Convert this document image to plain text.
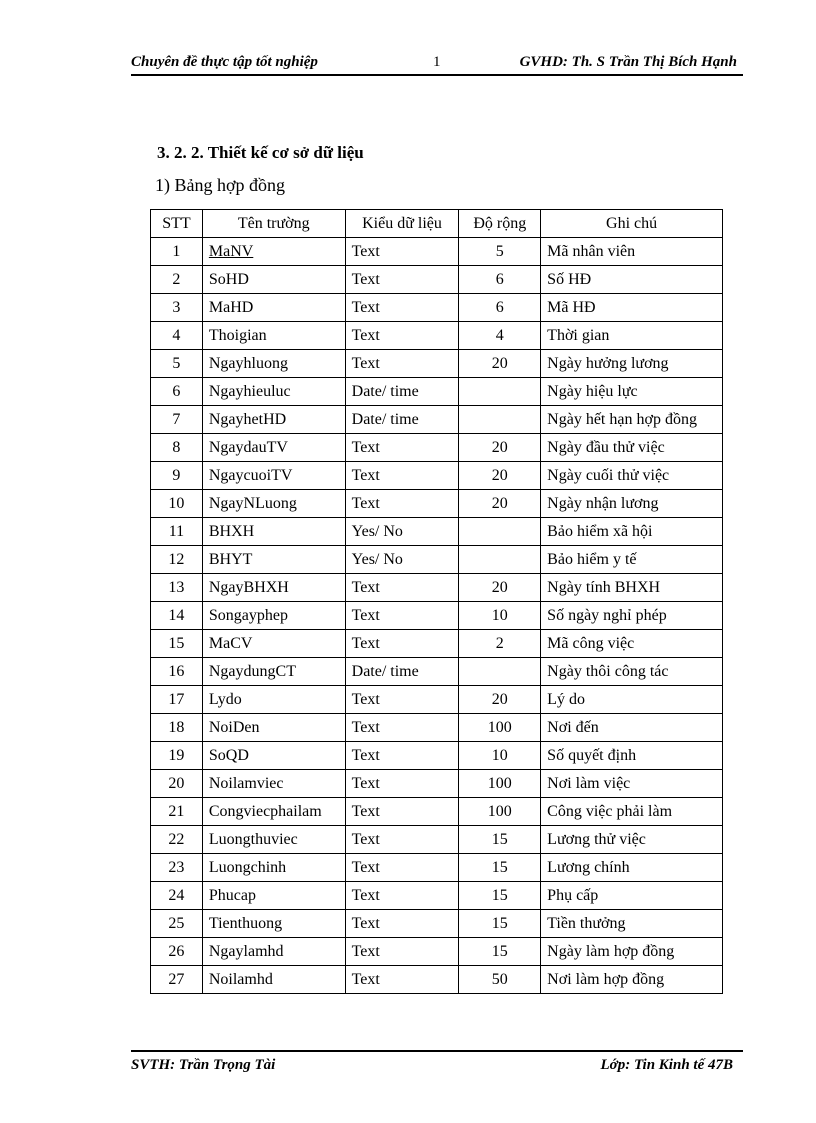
Chuyên đề thực tập tốt nghiệp	1	GVHD: Th. S Trần Thị Bích Hạnh
3. 2. 2. Thiết kế cơ sở dữ liệu
1) Bảng hợp đồng
STT	Tên trường	Kiểu dữ liệu	Độ rộng	Ghi chú
1	MaNV	Text	5	Mã nhân viên
2	SoHD	Text	6	Số HĐ
3	MaHD	Text	6	Mã HĐ
4	Thoigian	Text	4	Thời gian
5	Ngayhluong	Text	20	Ngày hưởng lương
6	Ngayhieuluc	Date/ time		Ngày hiệu lực
7	NgayhetHD	Date/ time		Ngày hết hạn hợp đồng
8	NgaydauTV	Text	20	Ngày đầu thử việc
9	NgaycuoiTV	Text	20	Ngày cuối thử việc
10	NgayNLuong	Text	20	Ngày nhận lương
11	BHXH	Yes/ No		Bảo hiểm xã hội
12	BHYT	Yes/ No		Bảo hiểm y tế
13	NgayBHXH	Text	20	Ngày tính BHXH
14	Songayphep	Text	10	Số ngày nghỉ phép
15	MaCV	Text	2	Mã công việc
16	NgaydungCT	Date/ time		Ngày thôi công tác
17	Lydo	Text	20	Lý do
18	NoiDen	Text	100	Nơi đến
19	SoQD	Text	10	Số quyết định
20	Noilamviec	Text	100	Nơi làm việc
21	Congviecphailam	Text	100	Công việc phải làm
22	Luongthuviec	Text	15	Lương thử việc
23	Luongchinh	Text	15	Lương chính
24	Phucap	Text	15	Phụ cấp
25	Tienthuong	Text	15	Tiền thưởng
26	Ngaylamhd	Text	15	Ngày làm hợp đồng
27	Noilamhd	Text	50	Nơi làm hợp đồng
SVTH: Trần Trọng Tài	Lớp: Tin Kinh tế 47B
